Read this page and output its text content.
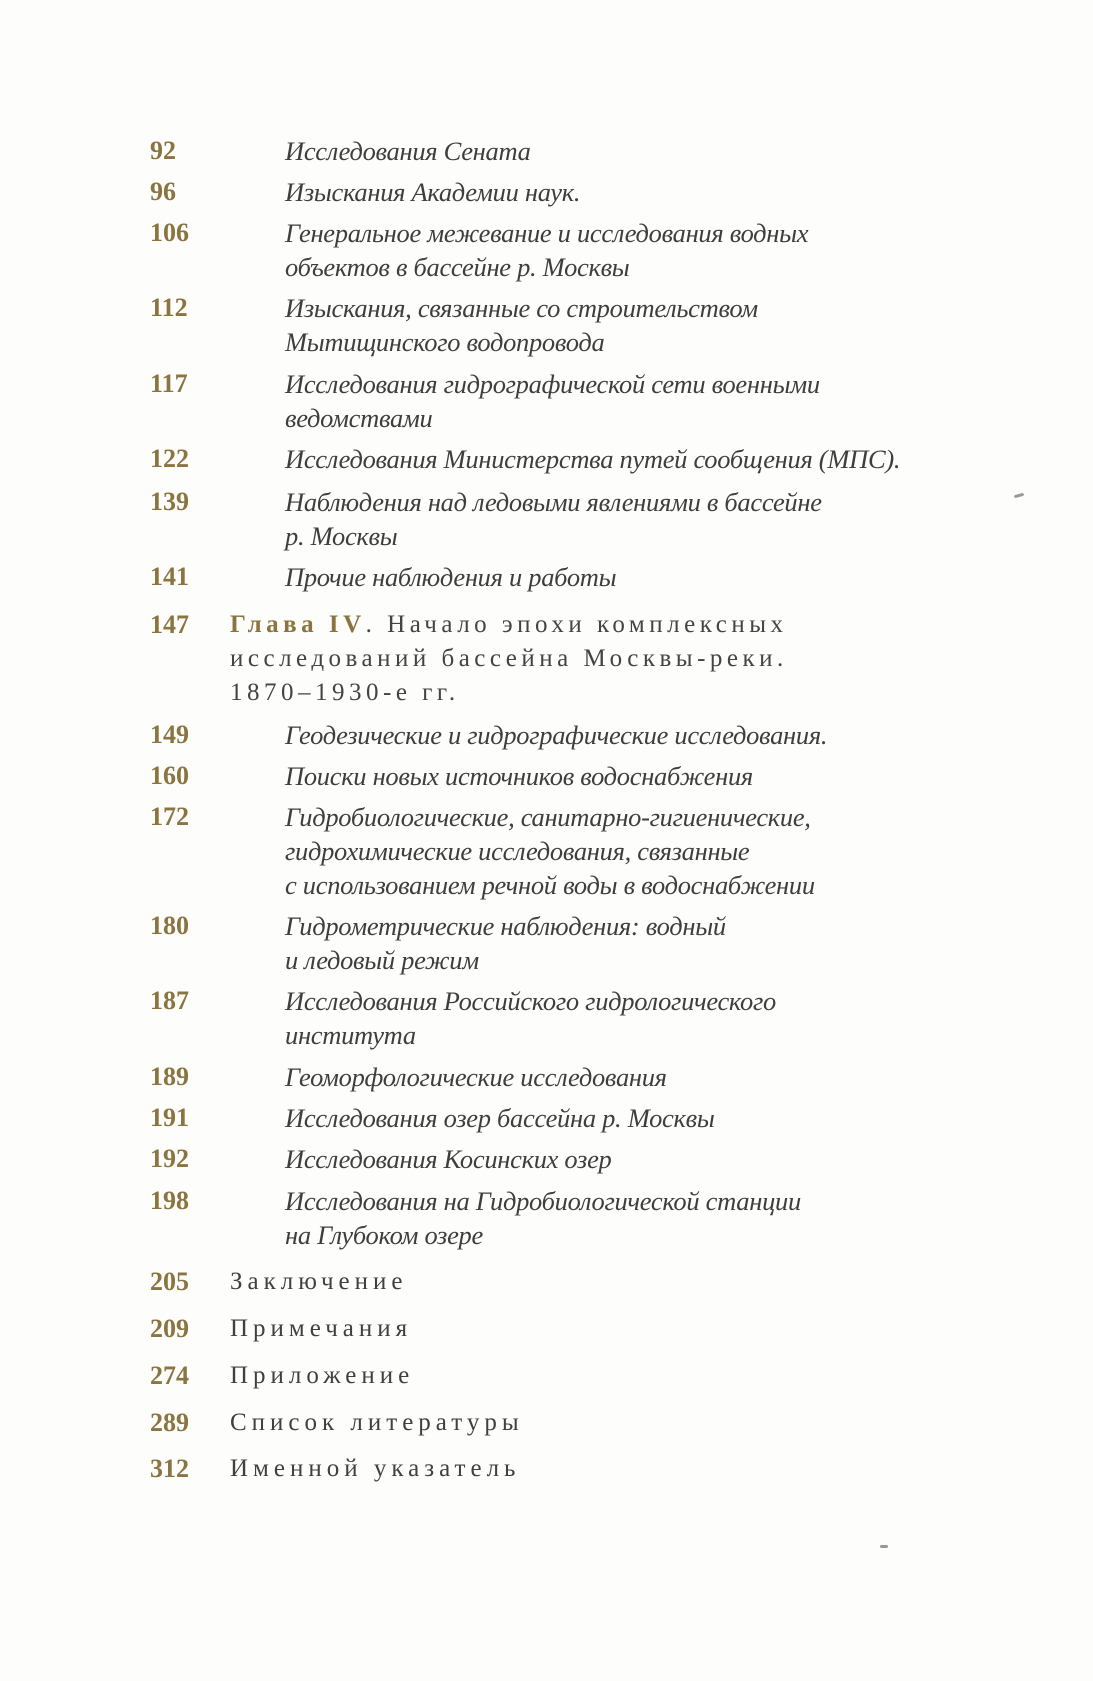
92	Исследования Сената
96	Изыскания Академии наук.
106	Генеральное межевание и исследования водных
объектов в бассейне р. Москвы
112	Изыскания, связанные со строительством
Мытищинского водопровода
117	Исследования гидрографической сети военными
ведомствами
122	Исследования Министерства путей сообщения (МПС).
139	Наблюдения над ледовыми явлениями в бассейне
р. Москвы
141	Прочие наблюдения и работы
147 Глава IV. Начало эпохи комплексных
исследований бассейна Москвы-реки.
1870–1930-е гг.
149	Геодезические и гидрографические исследования.
160	Поиски новых источников водоснабжения
172	Гидробиологические, санитарно-гигиенические,
гидрохимические исследования, связанные
с использованием речной воды в водоснабжении
180	Гидрометрические наблюдения: водный
и ледовый режим
187	Исследования Российского гидрологического
института
189	Геоморфологические исследования
191	Исследования озер бассейна р. Москвы
192	Исследования Косинских озер
198	Исследования на Гидробиологической станции
на Глубоком озере
205 Заключение
209 Примечания
274 Приложение
289 Список литературы
312 Именной указатель
